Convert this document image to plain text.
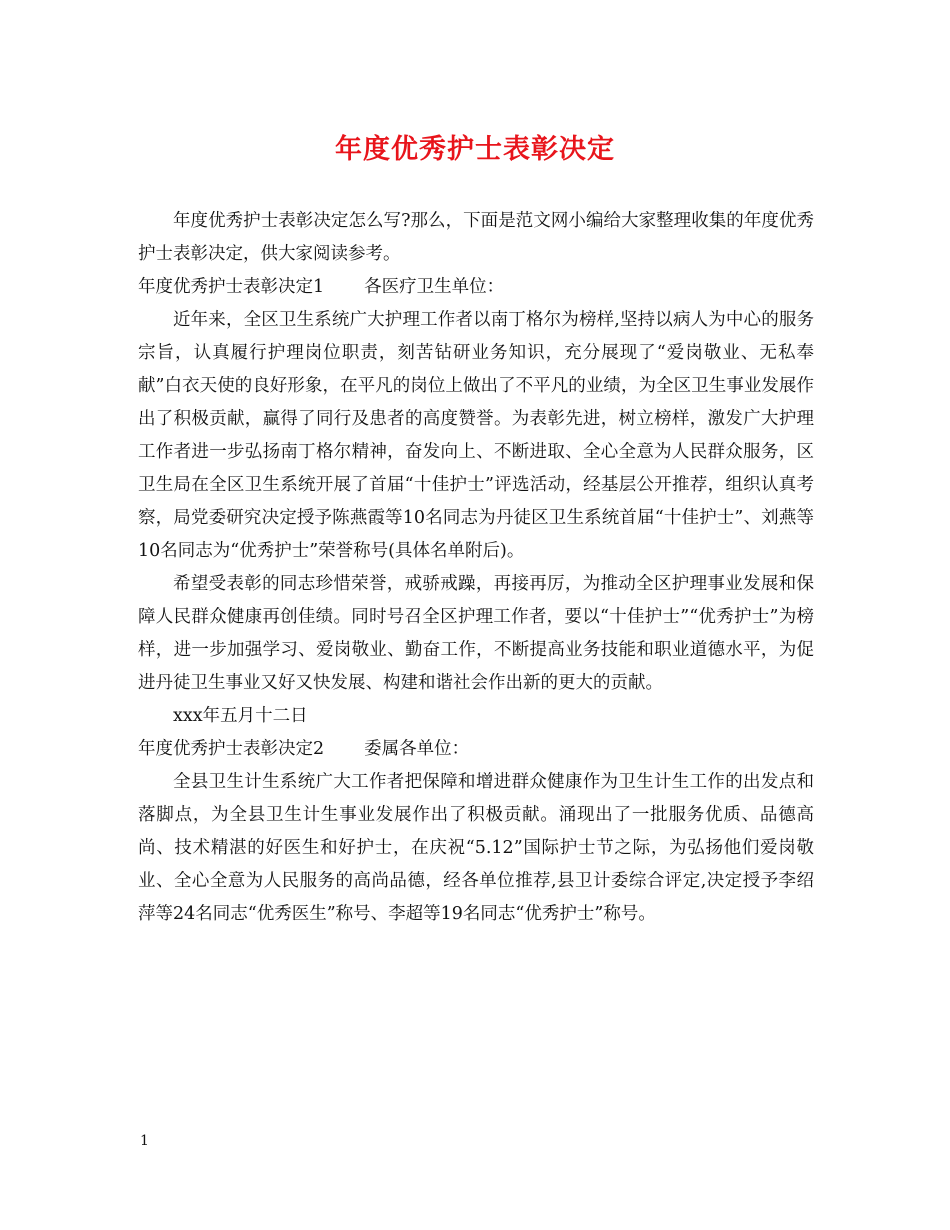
年度优秀护士表彰决定

年度优秀护士表彰决定怎么写?那么，下面是范文网小编给大家整理收集的年度优秀护士表彰决定，供大家阅读参考。

年度优秀护士表彰决定1 各医疗卫生单位：

近年来，全区卫生系统广大护理工作者以南丁格尔为榜样,坚持以病人为中心的服务宗旨，认真履行护理岗位职责，刻苦钻研业务知识，充分展现了“爱岗敬业、无私奉献”白衣天使的良好形象，在平凡的岗位上做出了不平凡的业绩，为全区卫生事业发展作出了积极贡献，赢得了同行及患者的高度赞誉。为表彰先进，树立榜样，激发广大护理工作者进一步弘扬南丁格尔精神，奋发向上、不断进取、全心全意为人民群众服务，区卫生局在全区卫生系统开展了首届“十佳护士”评选活动，经基层公开推荐，组织认真考察，局党委研究决定授予陈燕霞等10名同志为丹徒区卫生系统首届“十佳护士”、刘燕等10名同志为“优秀护士”荣誉称号(具体名单附后)。

希望受表彰的同志珍惜荣誉，戒骄戒躁，再接再厉，为推动全区护理事业发展和保障人民群众健康再创佳绩。同时号召全区护理工作者，要以“十佳护士”“优秀护士”为榜样，进一步加强学习、爱岗敬业、勤奋工作，不断提高业务技能和职业道德水平，为促进丹徒卫生事业又好又快发展、构建和谐社会作出新的更大的贡献。

xxx年五月十二日

年度优秀护士表彰决定2 委属各单位：

全县卫生计生系统广大工作者把保障和增进群众健康作为卫生计生工作的出发点和落脚点，为全县卫生计生事业发展作出了积极贡献。涌现出了一批服务优质、品德高尚、技术精湛的好医生和好护士，在庆祝“5.12”国际护士节之际，为弘扬他们爱岗敬业、全心全意为人民服务的高尚品德，经各单位推荐,县卫计委综合评定,决定授予李绍萍等24名同志“优秀医生”称号、李超等19名同志“优秀护士”称号。

1
